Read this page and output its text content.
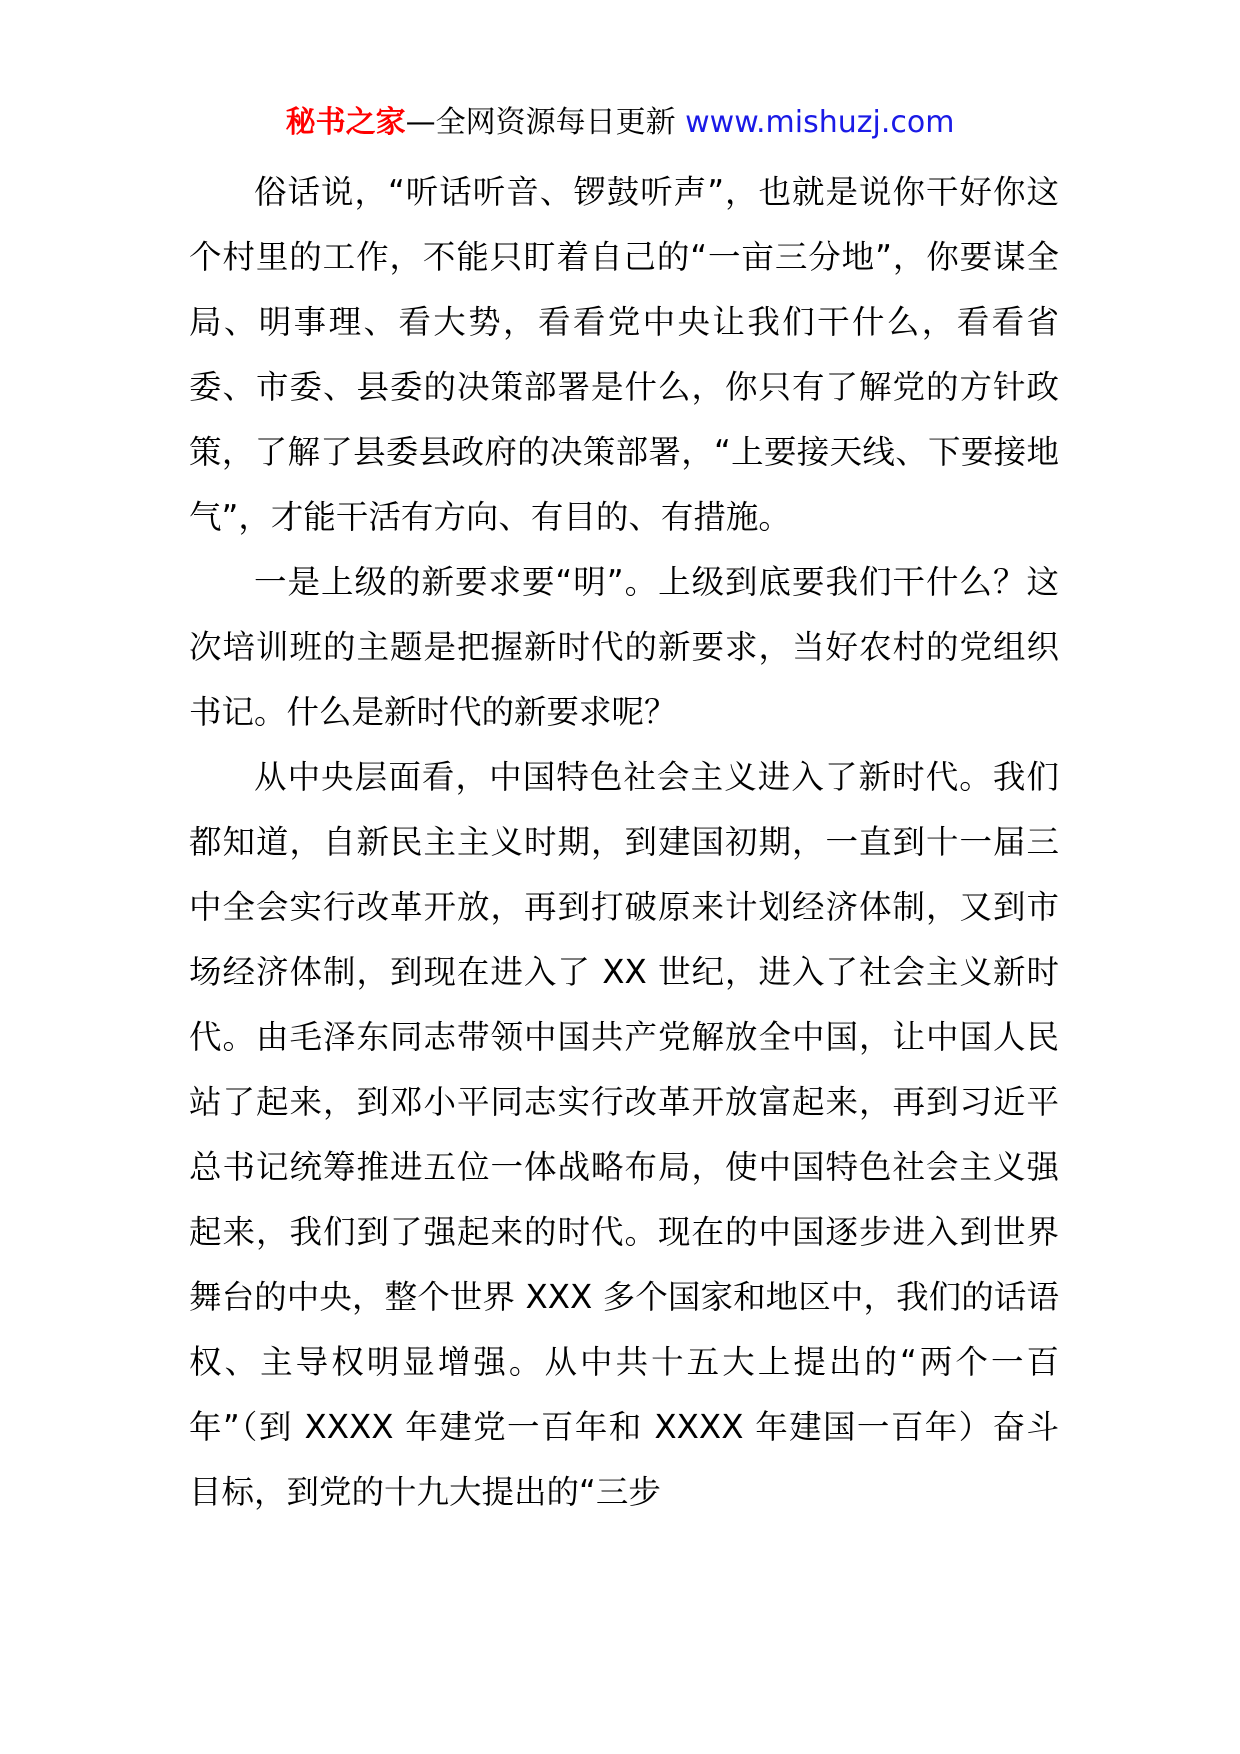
秘书之家—全网资源每日更新 www.mishuzj.com

俗话说，“听话听音、锣鼓听声”，也就是说你干好你这个村里的工作，不能只盯着自己的“一亩三分地”，你要谋全局、明事理、看大势，看看党中央让我们干什么，看看省委、市委、县委的决策部署是什么，你只有了解党的方针政策，了解了县委县政府的决策部署，“上要接天线、下要接地气”，才能干活有方向、有目的、有措施。

一是上级的新要求要“明”。上级到底要我们干什么？这次培训班的主题是把握新时代的新要求，当好农村的党组织书记。什么是新时代的新要求呢？

从中央层面看，中国特色社会主义进入了新时代。我们都知道，自新民主主义时期，到建国初期，一直到十一届三中全会实行改革开放，再到打破原来计划经济体制，又到市场经济体制，到现在进入了 XX 世纪，进入了社会主义新时代。由毛泽东同志带领中国共产党解放全中国，让中国人民站了起来，到邓小平同志实行改革开放富起来，再到习近平总书记统筹推进五位一体战略布局，使中国特色社会主义强起来，我们到了强起来的时代。现在的中国逐步进入到世界舞台的中央，整个世界 XXX 多个国家和地区中，我们的话语权、主导权明显增强。从中共十五大上提出的“两个一百年”（到 XXXX 年建党一百年和 XXXX 年建国一百年）奋斗目标，到党的十九大提出的“三步
